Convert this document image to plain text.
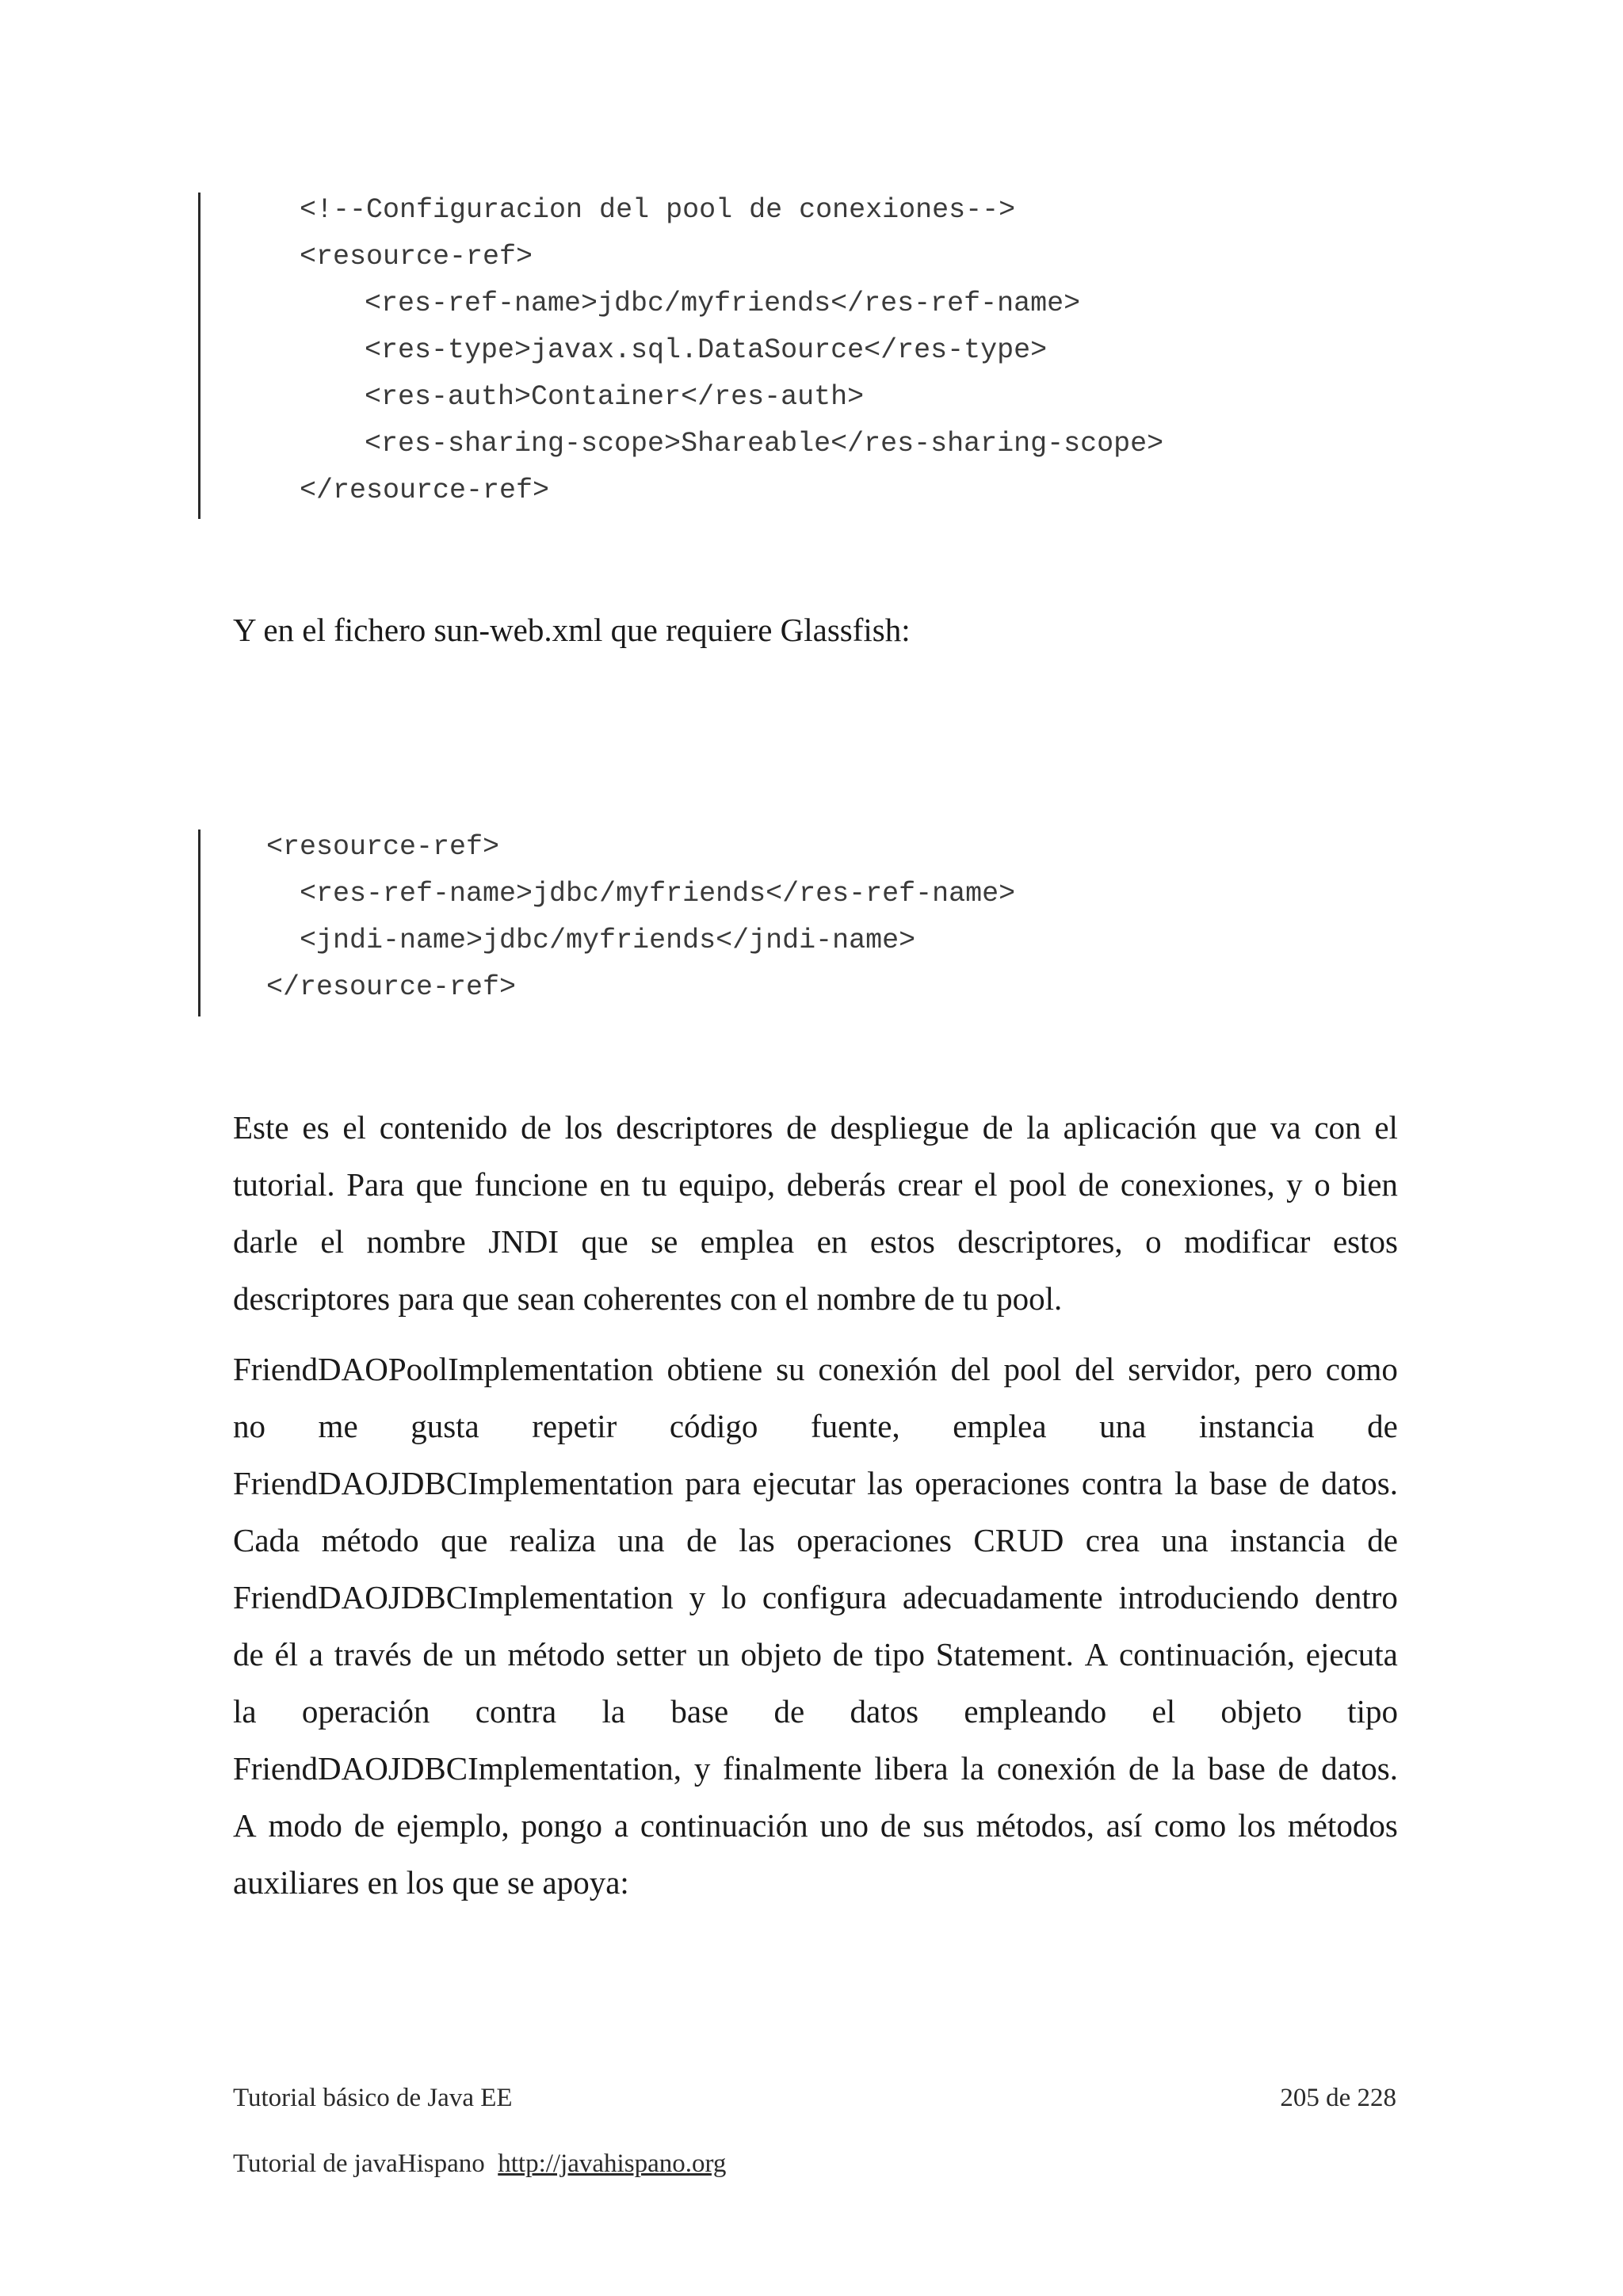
<!--Configuracion del pool de conexiones-->
<resource-ref>
<res-ref-name>jdbc/myfriends</res-ref-name>
<res-type>javax.sql.DataSource</res-type>
<res-auth>Container</res-auth>
<res-sharing-scope>Shareable</res-sharing-scope>
</resource-ref>
Y en el fichero sun-web.xml que requiere Glassfish:
<resource-ref>
<res-ref-name>jdbc/myfriends</res-ref-name>
<jndi-name>jdbc/myfriends</jndi-name>
</resource-ref>
Este es el contenido de los descriptores de despliegue de la aplicación que va con el
tutorial. Para que funcione en tu equipo, deberás crear el pool de conexiones, y o bien
darle el nombre JNDI que se emplea en estos descriptores, o modificar estos
descriptores para que sean coherentes con el nombre de tu pool.
FriendDAOPoolImplementation obtiene su conexión del pool del servidor, pero como
no me gusta repetir código fuente, emplea una instancia de
FriendDAOJDBCImplementation para ejecutar las operaciones contra la base de datos.
Cada método que realiza una de las operaciones CRUD crea una instancia de
FriendDAOJDBCImplementation y lo configura adecuadamente introduciendo dentro
de él a través de un método setter un objeto de tipo Statement. A continuación, ejecuta
la operación contra la base de datos empleando el objeto tipo
FriendDAOJDBCImplementation, y finalmente libera la conexión de la base de datos.
A modo de ejemplo, pongo a continuación uno de sus métodos, así como los métodos
auxiliares en los que se apoya:
Tutorial básico de Java EE	205 de 228
Tutorial de javaHispano http://javahispano.org
